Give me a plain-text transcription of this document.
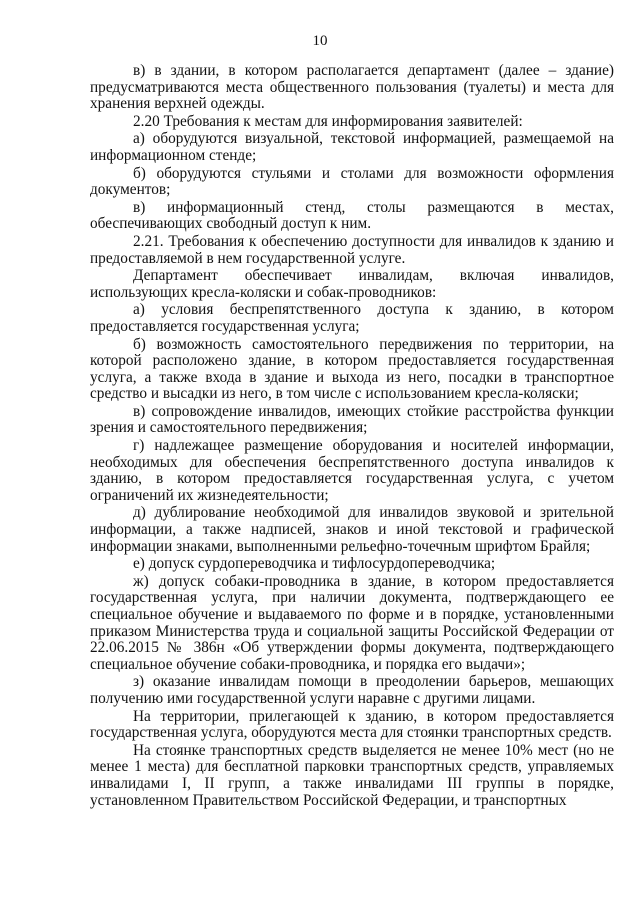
10

в) в здании, в котором располагается департамент (далее – здание) предусматриваются места общественного пользования (туалеты) и места для хранения верхней одежды.

2.20 Требования к местам для информирования заявителей:

а) оборудуются визуальной, текстовой информацией, размещаемой на информационном стенде;

б) оборудуются стульями и столами для возможности оформления документов;

в) информационный стенд, столы размещаются в местах, обеспечивающих свободный доступ к ним.

2.21. Требования к обеспечению доступности для инвалидов к зданию и предоставляемой в нем государственной услуге.

Департамент обеспечивает инвалидам, включая инвалидов, использующих кресла-коляски и собак-проводников:

а) условия беспрепятственного доступа к зданию, в котором предоставляется государственная услуга;

б) возможность самостоятельного передвижения по территории, на которой расположено здание, в котором предоставляется государственная услуга, а также входа в здание и выхода из него, посадки в транспортное средство и высадки из него, в том числе с использованием кресла-коляски;

в) сопровождение инвалидов, имеющих стойкие расстройства функции зрения и самостоятельного передвижения;

г) надлежащее размещение оборудования и носителей информации, необходимых для обеспечения беспрепятственного доступа инвалидов к зданию, в котором предоставляется государственная услуга, с учетом ограничений их жизнедеятельности;

д) дублирование необходимой для инвалидов звуковой и зрительной информации, а также надписей, знаков и иной текстовой и графической информации знаками, выполненными рельефно-точечным шрифтом Брайля;

е) допуск сурдопереводчика и тифлосурдопереводчика;

ж) допуск собаки-проводника в здание, в котором предоставляется государственная услуга, при наличии документа, подтверждающего ее специальное обучение и выдаваемого по форме и в порядке, установленными приказом Министерства труда и социальной защиты Российской Федерации от 22.06.2015 № 386н «Об утверждении формы документа, подтверждающего специальное обучение собаки-проводника, и порядка его выдачи»;

з) оказание инвалидам помощи в преодолении барьеров, мешающих получению ими государственной услуги наравне с другими лицами.

На территории, прилегающей к зданию, в котором предоставляется государственная услуга, оборудуются места для стоянки транспортных средств.

На стоянке транспортных средств выделяется не менее 10% мест (но не менее 1 места) для бесплатной парковки транспортных средств, управляемых инвалидами I, II групп, а также инвалидами III группы в порядке, установленном Правительством Российской Федерации, и транспортных
